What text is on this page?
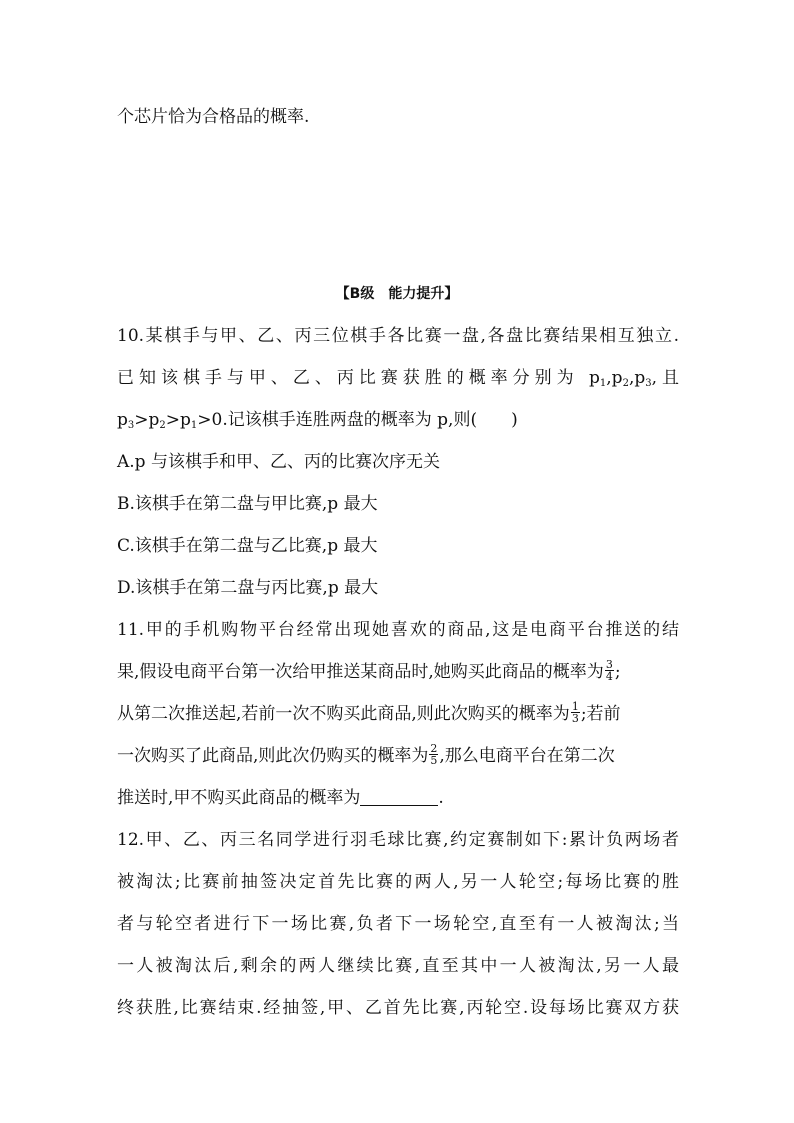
个芯片恰为合格品的概率.
【B级　能力提升】
10.某棋手与甲、乙、丙三位棋手各比赛一盘,各盘比赛结果相互独立.
已知该棋手与甲、乙、丙比赛获胜的概率分别为 $p_1,p_2,p_3$,且
$p_3>p_2>p_1>0$.记该棋手连胜两盘的概率为 p,则(　　)
A.p 与该棋手和甲、乙、丙的比赛次序无关
B.该棋手在第二盘与甲比赛,p 最大
C.该棋手在第二盘与乙比赛,p 最大
D.该棋手在第二盘与丙比赛,p 最大
11.甲的手机购物平台经常出现她喜欢的商品,这是电商平台推送的结
果,假设电商平台第一次给甲推送某商品时,她购买此商品的概率为 $\frac{3}{4}$ ;
从第二次推送起,若前一次不购买此商品,则此次购买的概率为 $\frac{1}{3}$ ;若前
一次购买了此商品,则此次仍购买的概率为 $\frac{2}{5}$ ,那么电商平台在第二次
推送时,甲不购买此商品的概率为	.
12.甲、乙、丙三名同学进行羽毛球比赛,约定赛制如下:累计负两场者
被淘汰;比赛前抽签决定首先比赛的两人,另一人轮空;每场比赛的胜
者与轮空者进行下一场比赛,负者下一场轮空,直至有一人被淘汰;当
一人被淘汰后,剩余的两人继续比赛,直至其中一人被淘汰,另一人最
终获胜,比赛结束.经抽签,甲、乙首先比赛,丙轮空.设每场比赛双方获
